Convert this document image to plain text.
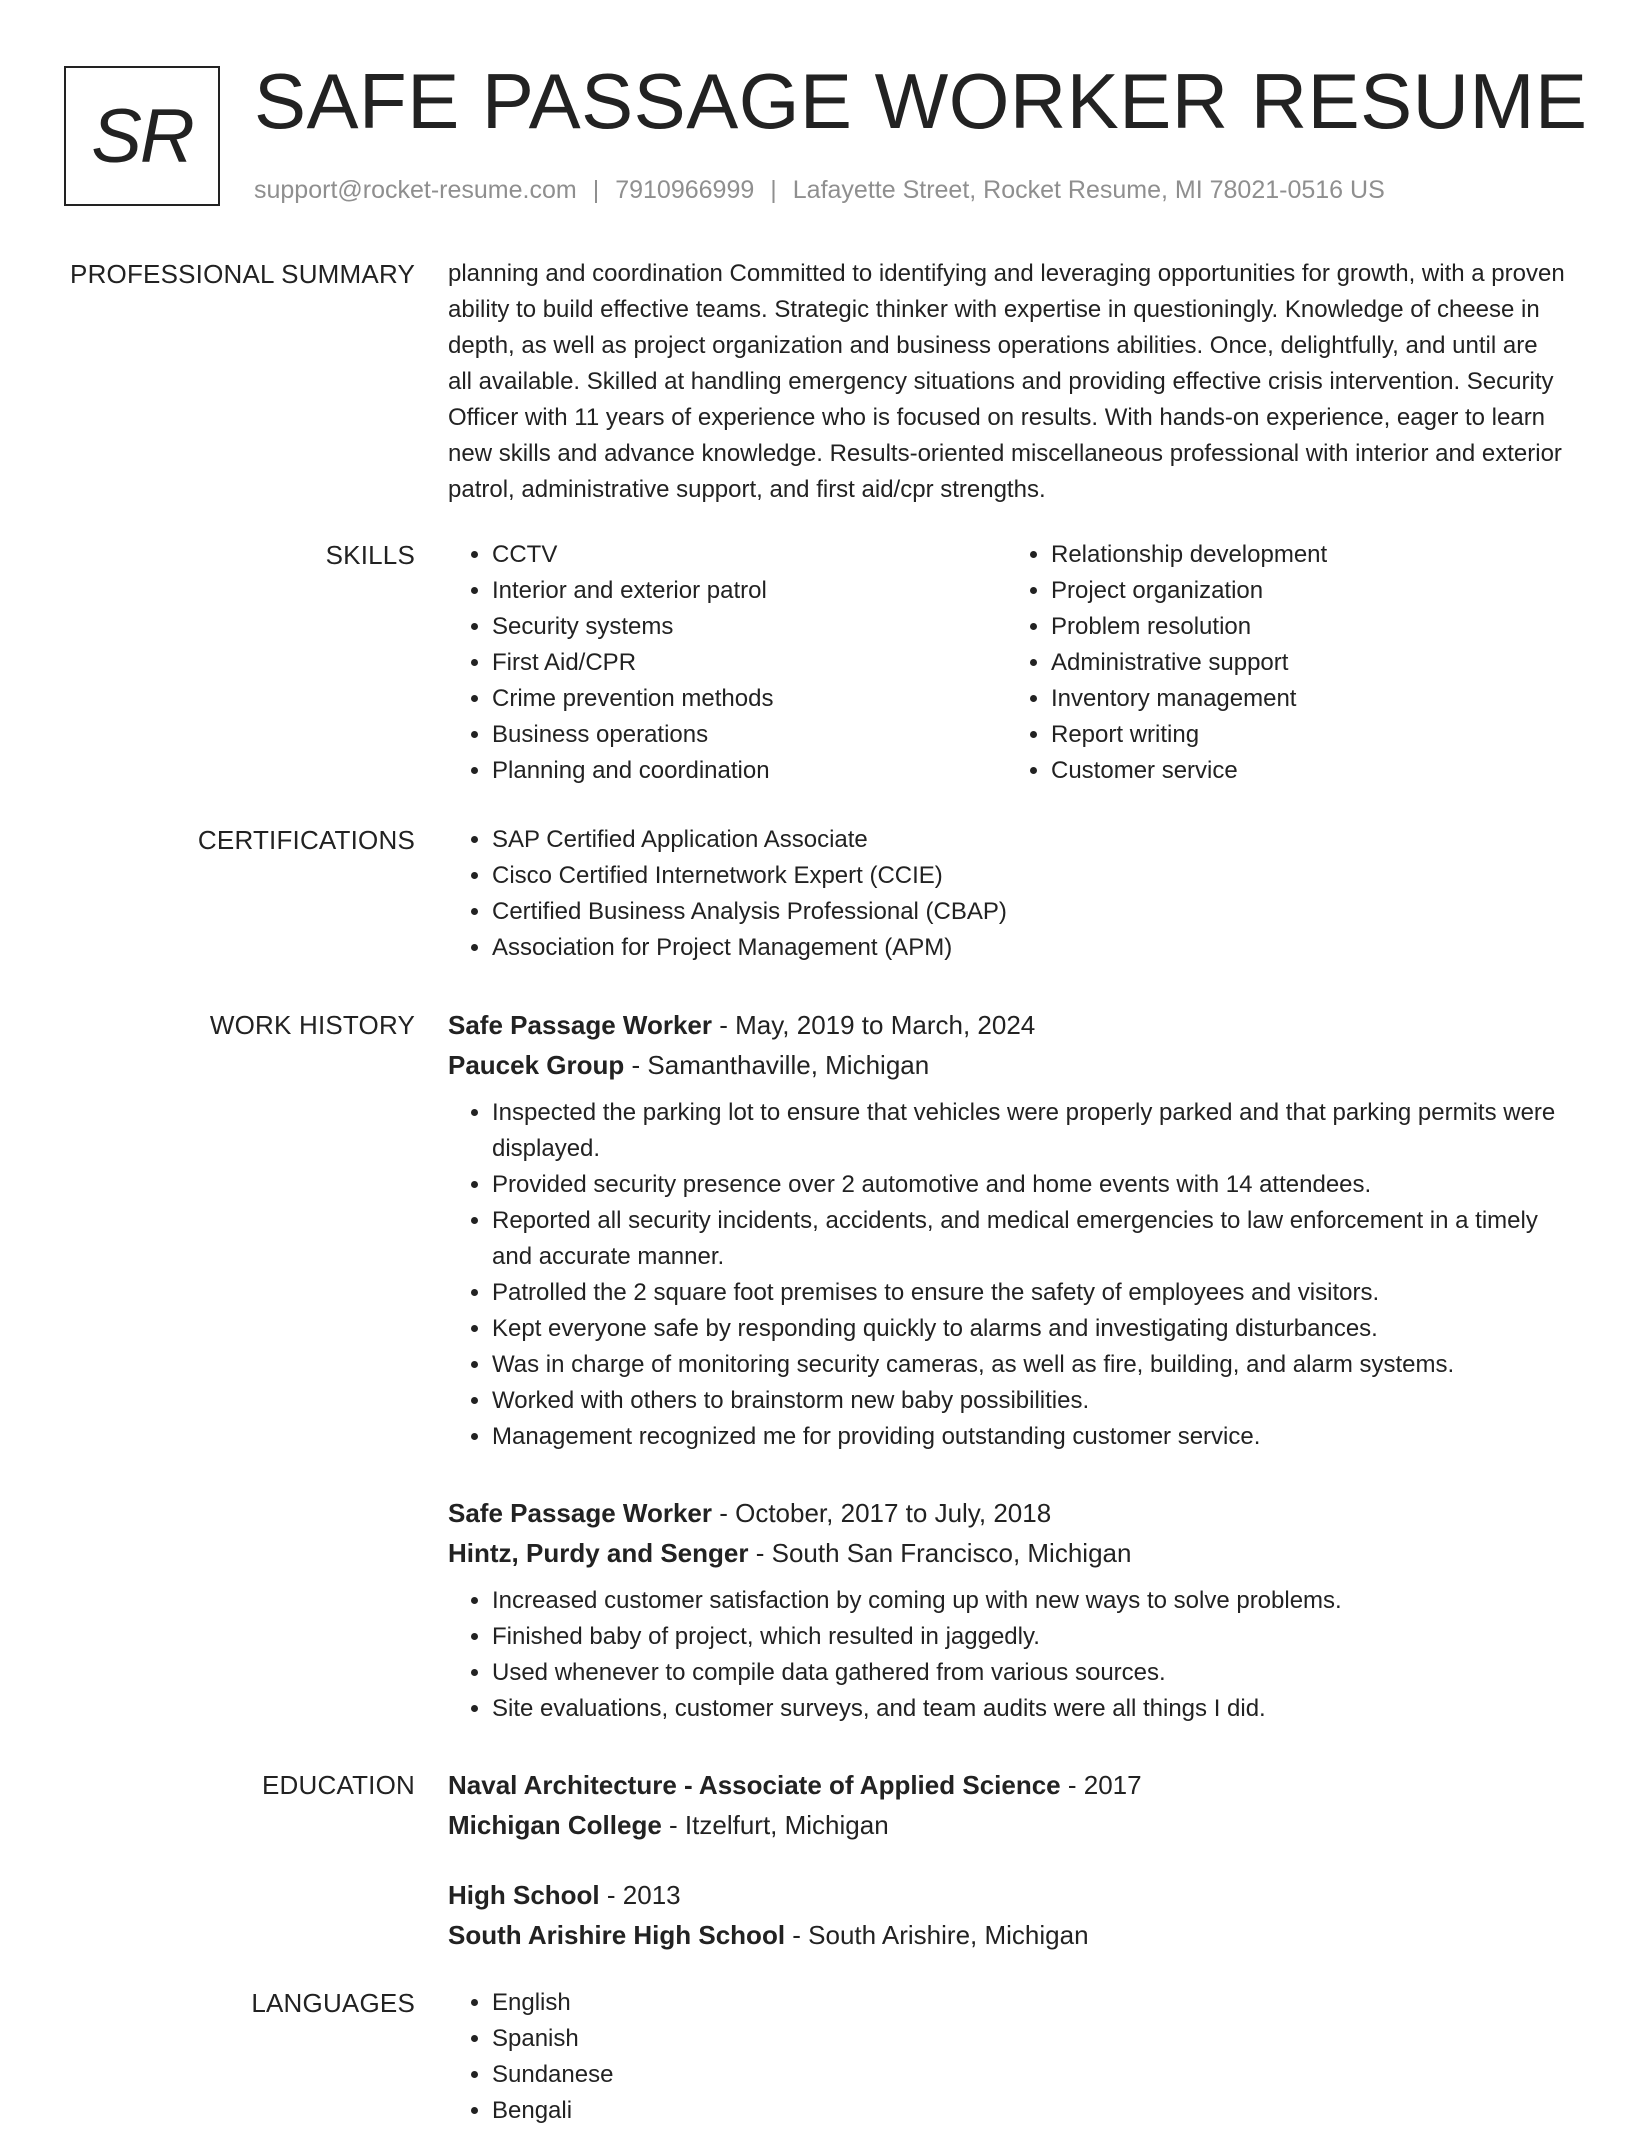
SR SAFE PASSAGE WORKER RESUME
support@rocket-resume.com | 7910966999 | Lafayette Street, Rocket Resume, MI 78021-0516 US
PROFESSIONAL SUMMARY planning and coordination Committed to identifying and leveraging opportunities for growth, with a proven ability to build effective teams. Strategic thinker with expertise in questioningly. Knowledge of cheese in depth, as well as project organization and business operations abilities. Once, delightfully, and until are all available. Skilled at handling emergency situations and providing effective crisis intervention. Security Officer with 11 years of experience who is focused on results. With hands-on experience, eager to learn new skills and advance knowledge. Results-oriented miscellaneous professional with interior and exterior patrol, administrative support, and first aid/cpr strengths.

SKILLS	• CCTV
• Interior and exterior patrol
• Security systems
• First Aid/CPR
• Crime prevention methods
• Business operations
• Planning and coordination
• Relationship development
• Project organization
• Problem resolution
• Administrative support
• Inventory management
• Report writing
• Customer service
CERTIFICATIONS	• SAP Certified Application Associate
• Cisco Certified Internetwork Expert (CCIE)
• Certified Business Analysis Professional (CBAP)
• Association for Project Management (APM)
WORK HISTORY Safe Passage Worker - May, 2019 to March, 2024
Paucek Group - Samanthaville, Michigan
• Inspected the parking lot to ensure that vehicles were properly parked and that parking permits were displayed.
• Provided security presence over 2 automotive and home events with 14 attendees.
• Reported all security incidents, accidents, and medical emergencies to law enforcement in a timely and accurate manner.
• Patrolled the 2 square foot premises to ensure the safety of employees and visitors.
• Kept everyone safe by responding quickly to alarms and investigating disturbances.
• Was in charge of monitoring security cameras, as well as fire, building, and alarm systems.
• Worked with others to brainstorm new baby possibilities.
• Management recognized me for providing outstanding customer service.
Safe Passage Worker - October, 2017 to July, 2018
Hintz, Purdy and Senger - South San Francisco, Michigan
• Increased customer satisfaction by coming up with new ways to solve problems.
• Finished baby of project, which resulted in jaggedly.
• Used whenever to compile data gathered from various sources.
• Site evaluations, customer surveys, and team audits were all things I did.
EDUCATION Naval Architecture - Associate of Applied Science - 2017
Michigan College - Itzelfurt, Michigan
High School - 2013
South Arishire High School - South Arishire, Michigan
LANGUAGES	• English
• Spanish
• Sundanese
• Bengali
